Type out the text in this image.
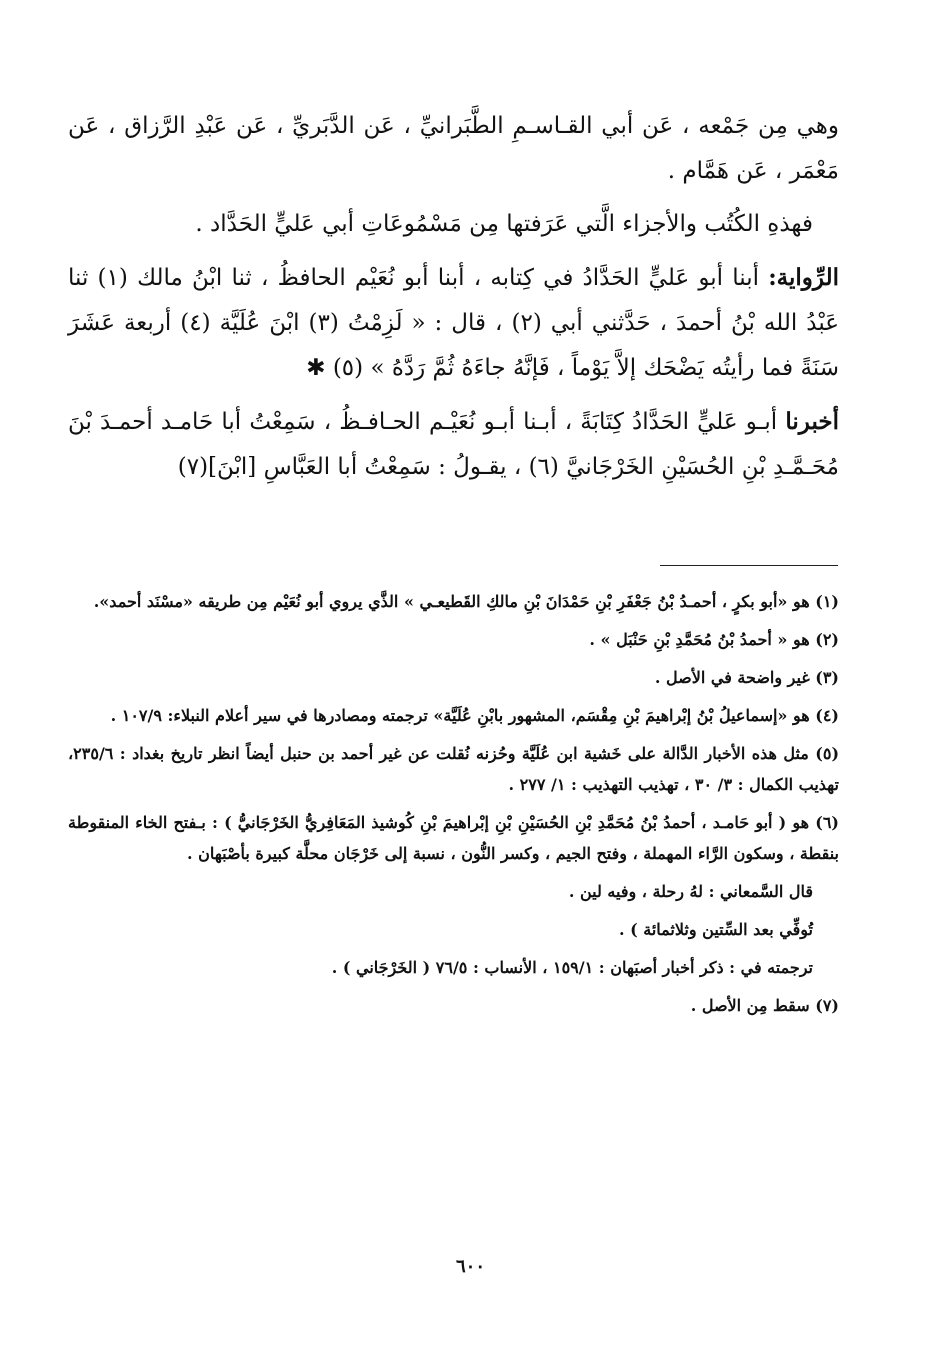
وهي مِن جَمْعه ، عَن أبي القـاسـمِ الطَّبَرانيِّ ، عَن الدَّبَريِّ ، عَن عَبْدِ الرَّزاق ، عَن مَعْمَر ، عَن هَمَّام .

فهذهِ الكُتُب والأجزاء الَّتي عَرَفتها مِن مَسْمُوعَاتِ أبي عَليٍّ الحَدَّاد .

الرِّواية: أبنا أبو عَليٍّ الحَدَّادُ في كِتابه ، أبنا أبو نُعَيْم الحافظُ ، ثنا ابْنُ مالك (١) ثنا عَبْدُ الله بْنُ أحمدَ ، حَدَّثني أبي (٢) ، قال : « لَزِمْتُ (٣) ابْنَ عُلَيَّة (٤) أربعة عَشَرَ سَنَةً فما رأيتُه يَضْحَك إلاَّ يَوْماً ، فَإنَّهُ جاءَهُ ثُمَّ رَدَّهُ » (٥) ✱

أخبرنا أبـو عَليٍّ الحَدَّادُ كِتَابَةً ، أبـنا أبـو نُعَيْـم الحـافـظُ ، سَمِعْتُ أبا حَامـد أحمـدَ بْنَ مُحَـمَّـدِ بْنِ الحُسَيْنِ الخَرْجَانيَّ (٦) ، يقـولُ : سَمِعْتُ أبا العَبَّاسِ [ابْنَ](٧)

(١) هو «أبو بكرٍ ، أحمـدُ بْنُ جَعْفَرِ بْنِ حَمْدَانَ بْنِ مالكِ القَطيعـي » الذَّي يروي أبو نُعَيْم مِن طريقه «مسْنَد أحمد».
(٢) هو « أحمدُ بْنُ مُحَمَّدِ بْنِ حَنْبَل » .
(٣) غير واضحة في الأصل .
(٤) هو «إسماعيلُ بْنُ إبْراهيمَ بْنِ مِقْسَم، المشهور بابْنِ عُلَيَّة» ترجمته ومصادرها في سير أعلام النبلاء: ١٠٧/٩ .
(٥) مثل هذه الأخبار الدَّالة على خَشية ابن عُلَيَّة وحُزنه نُقلت عن غير أحمد بن حنبل أيضاً انظر تاريخ بغداد : ٢٣٥/٦، تهذيب الكمال : ٣/ ٣٠ ، تهذيب التهذيب : ١/ ٢٧٧ .
(٦) هو ( أبو حَامـد ، أحمدُ بْنُ مُحَمَّدِ بْنِ الحُسَيْنِ بْنِ إبْراهيمَ بْنِ كُوشيذ المَعَافِريُّ الخَرْجَانيُّ ) : بـفتح الخاء المنقوطة بنقطة ، وسكون الرَّاء المهملة ، وفتح الجيم ، وكسر النُّون ، نسبة إلى خَرْجَان محلَّة كبيرة بأصْبَهان .
قال السَّمعاني : لهُ رحلة ، وفيه لين .
تُوفِّي بعد السِّتين وثلاثمائة ) .
ترجمته في : ذكر أخبار أصبَهان : ١٥٩/١ ، الأنساب : ٧٦/٥ ( الخَرْجَاني ) .
(٧) سقط مِن الأصل .
٦٠٠
